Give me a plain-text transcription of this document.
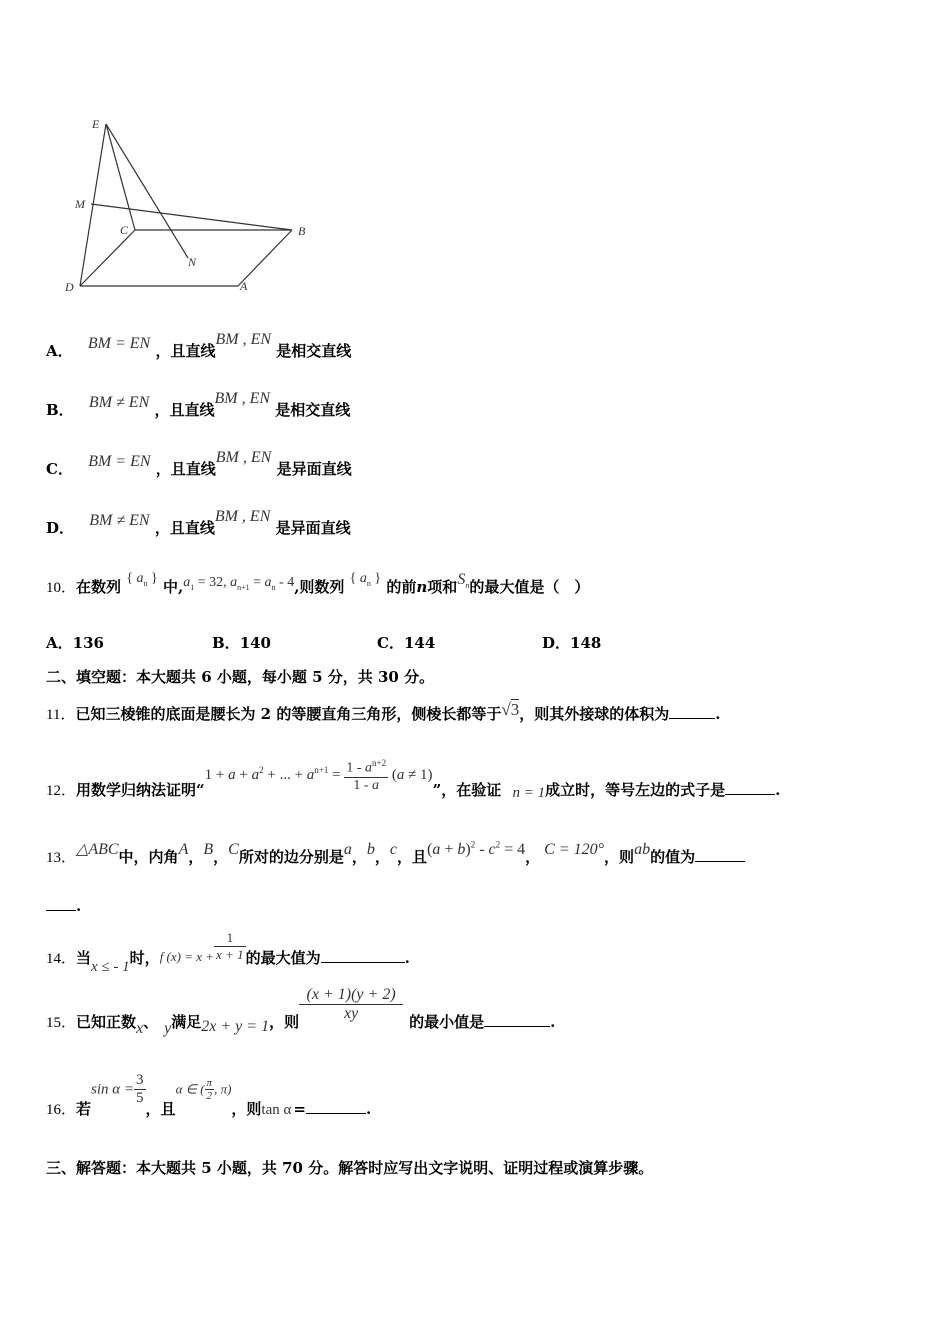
E
M
C	B
N
D	A
A． BM = EN ，且直线BM , EN 是相交直线
B． BM ≠ EN ，且直线BM , EN 是相交直线
C． BM = EN ，且直线BM , EN 是异面直线
D． BM ≠ EN ，且直线BM , EN 是异面直线
10．在数列 { $a_n$ } 中$,a_1 = 32$, $a_{n+1} = a_n - 4$,则数列 { $a_n$ } 的前n项和$S_n$的最大值是（　）
A．136	B．140	C．144	D．148
二、填空题：本大题共 6 小题，每小题 5 分，共 30 分。
11．已知三棱锥的底面是腰长为 2 的等腰直角三角形，侧棱长都等于√3，则其外接球的体积为	.
12．用数学归纳法证明“$1 + a + a^2$ + ... + $a^{n+1} = \frac{1 - a^{n+2}}{1 - a} (a \ne 1)$”，在验证 n = 1成立时，等号左边的式子是	.
13．△ABC中，内角A，B，C所对的边分别是a，b，c，且$(a + b)^2 - c^2 = 4$， C = 120°，则ab的值为
.
14．当x ≤ - 1时，f $(x) = x + \frac{1}{x + 1}$ 的最大值为	.
15．已知正数x、 y满足2x + y = 1，则 $\frac{(x + 1)(y + 2)}{xy}$ 的最小值是	.
16．若$\sin \alpha = \frac{3}{5}$
，且α ∈ ( $\frac{\pi}{2}$ , π)，则tan α =	.
三、解答题：本大题共 5 小题，共 70 分。解答时应写出文字说明、证明过程或演算步骤。
